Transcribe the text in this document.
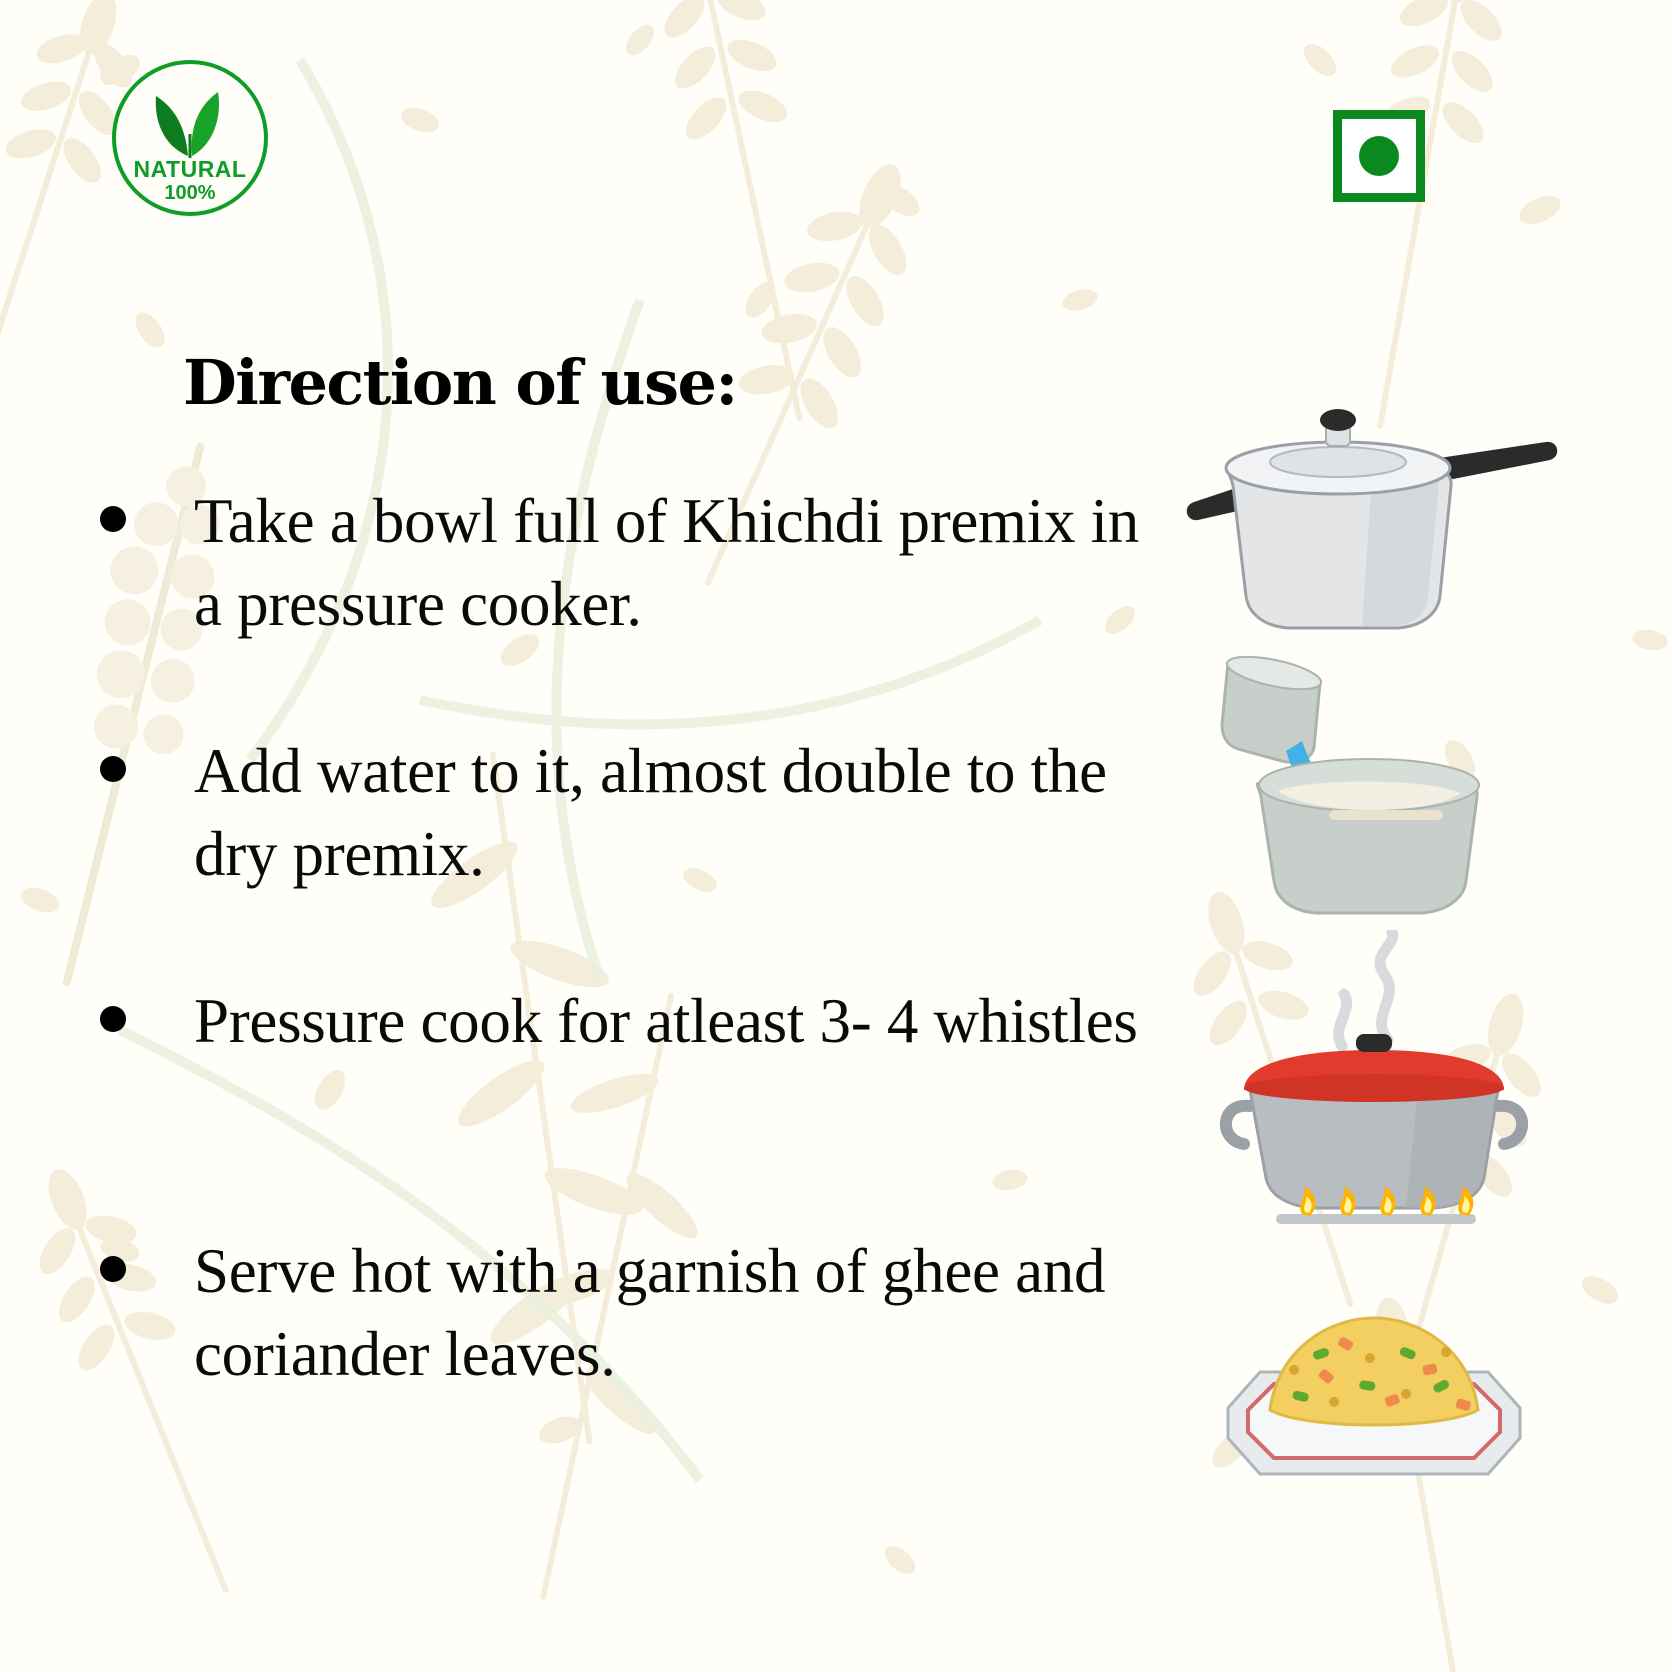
NATURAL
100%
Direction of use:
Take a bowl full of Khichdi premix in a pressure cooker.
Add water to it, almost double to the dry premix.
Pressure cook for atleast 3- 4 whistles
Serve hot with a garnish of ghee and coriander leaves.
